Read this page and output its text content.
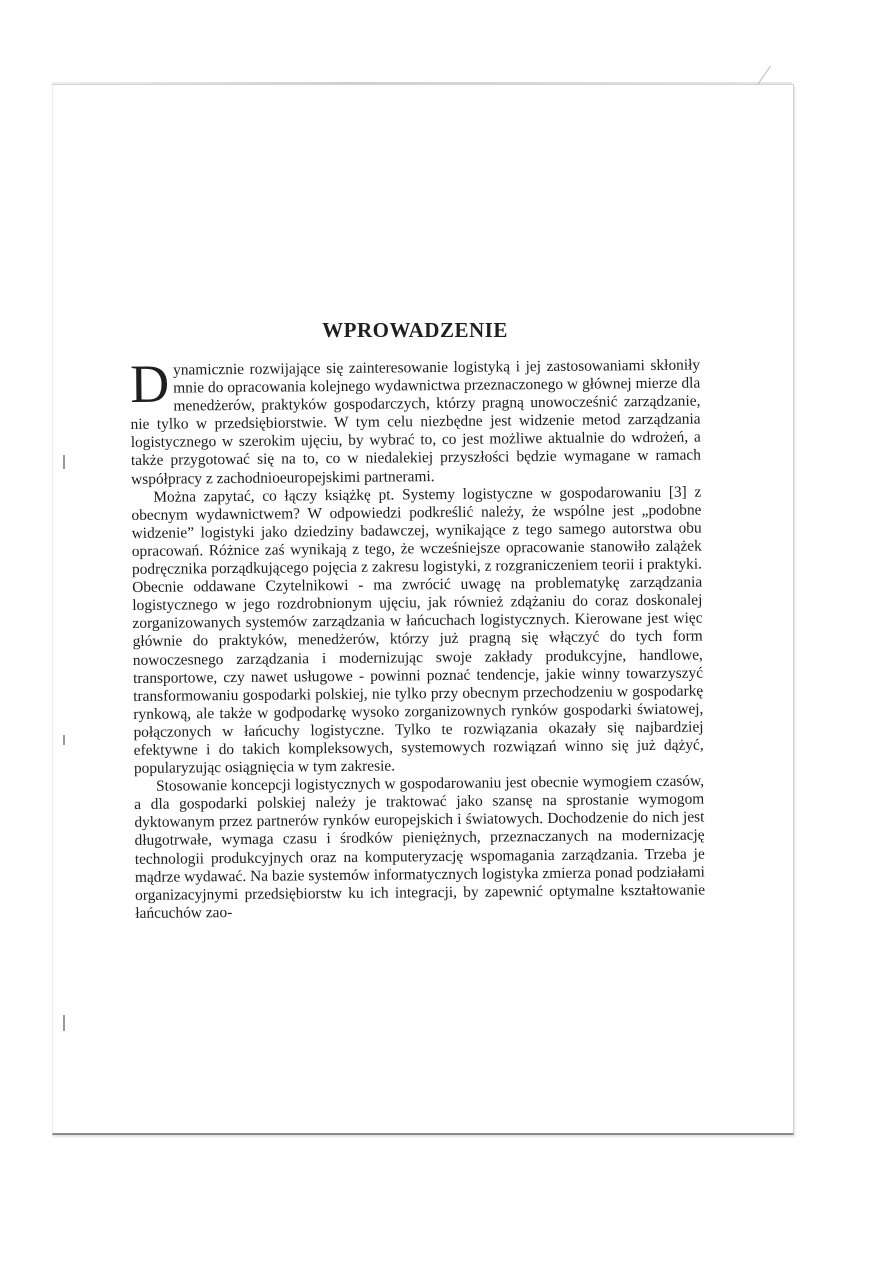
WPROWADZENIE

Dynamicznie rozwijające się zainteresowanie logistyką i jej zastosowaniami skłoniły mnie do opracowania kolejnego wydawnictwa przeznaczonego w głównej mierze dla menedżerów, praktyków gospodarczych, którzy pragną unowocześnić zarządzanie, nie tylko w przedsiębiorstwie. W tym celu niezbędne jest widzenie metod zarządzania logistycznego w szerokim ujęciu, by wybrać to, co jest możliwe aktualnie do wdrożeń, a także przygotować się na to, co w niedalekiej przyszłości będzie wymagane w ramach współpracy z zachodnioeuropejskimi partnerami.

Można zapytać, co łączy książkę pt. Systemy logistyczne w gospodarowaniu [3] z obecnym wydawnictwem? W odpowiedzi podkreślić należy, że wspólne jest „podobne widzenie” logistyki jako dziedziny badawczej, wynikające z tego samego autorstwa obu opracowań. Różnice zaś wynikają z tego, że wcześniejsze opracowanie stanowiło zalążek podręcznika porządkującego pojęcia z zakresu logistyki, z rozgraniczeniem teorii i praktyki. Obecnie oddawane Czytelnikowi - ma zwrócić uwagę na problematykę zarządzania logistycznego w jego rozdrobnionym ujęciu, jak również zdążaniu do coraz doskonalej zorganizowanych systemów zarządzania w łańcuchach logistycznych. Kierowane jest więc głównie do praktyków, menedżerów, którzy już pragną się włączyć do tych form nowoczesnego zarządzania i modernizując swoje zakłady produkcyjne, handlowe, transportowe, czy nawet usługowe - powinni poznać tendencje, jakie winny towarzyszyć transformowaniu gospodarki polskiej, nie tylko przy obecnym przechodzeniu w gospodarkę rynkową, ale także w godpodarkę wysoko zorganizownych rynków gospodarki światowej, połączonych w łańcuchy logistyczne. Tylko te rozwiązania okazały się najbardziej efektywne i do takich kompleksowych, systemowych rozwiązań winno się już dążyć, popularyzując osiągnięcia w tym zakresie.

Stosowanie koncepcji logistycznych w gospodarowaniu jest obecnie wymogiem czasów, a dla gospodarki polskiej należy je traktować jako szansę na sprostanie wymogom dyktowanym przez partnerów rynków europejskich i światowych. Dochodzenie do nich jest długotrwałe, wymaga czasu i środków pieniężnych, przeznaczanych na modernizację technologii produkcyjnych oraz na komputeryzację wspomagania zarządzania. Trzeba je mądrze wydawać. Na bazie systemów informatycznych logistyka zmierza ponad podziałami organizacyjnymi przedsiębiorstw ku ich integracji, by zapewnić optymalne kształtowanie łańcuchów zao-
